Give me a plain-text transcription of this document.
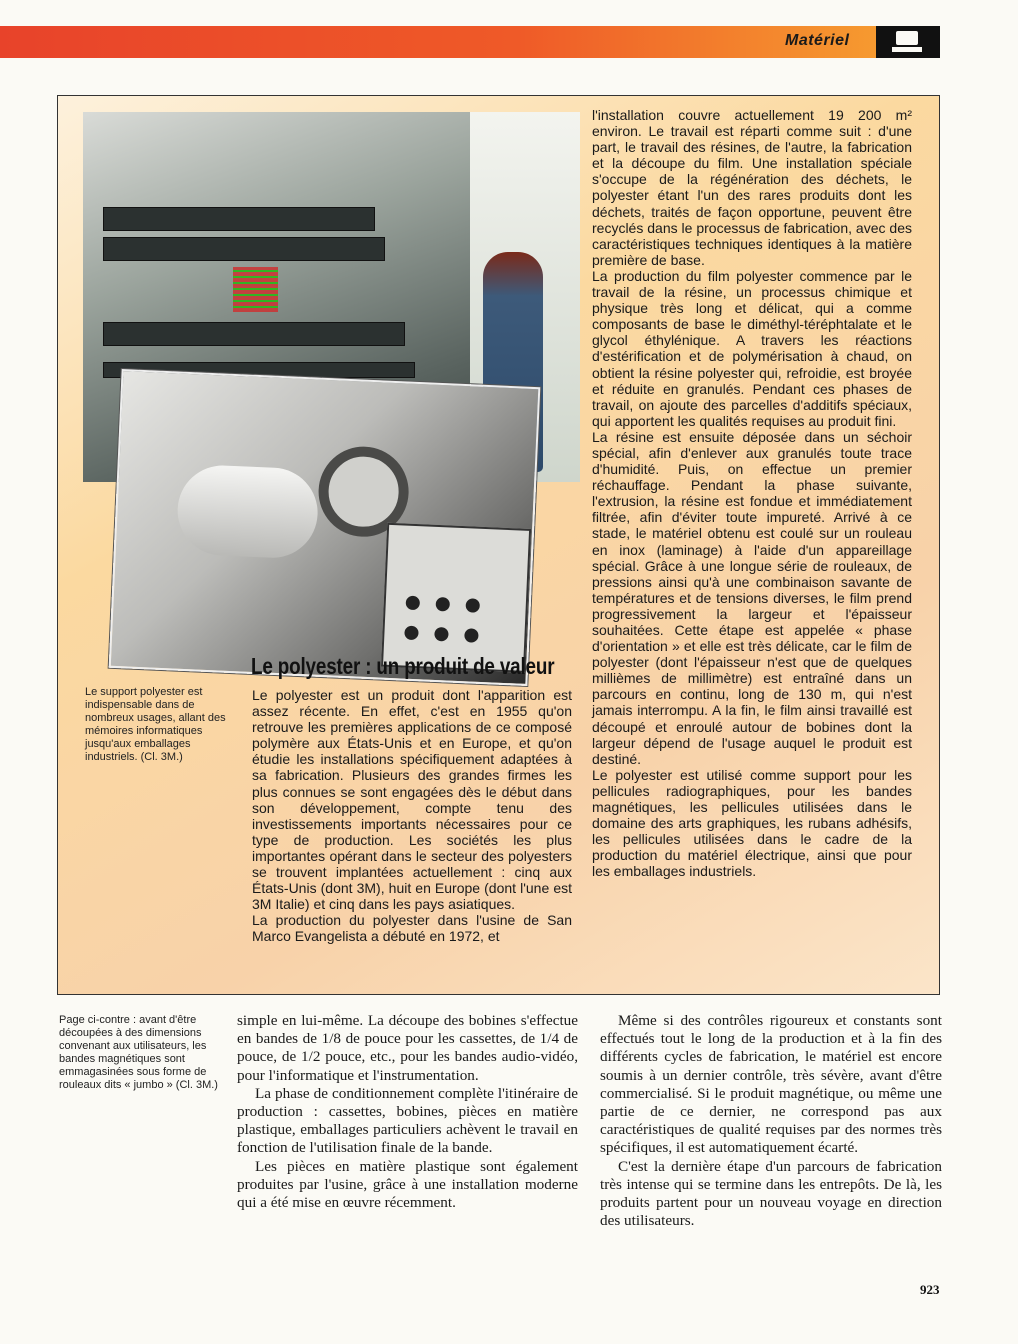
Matériel
Le polyester : un produit de valeur
Le support polyester est indispensable dans de nombreux usages, allant des mémoires informatiques jusqu'aux emballages industriels. (Cl. 3M.)
Page ci-contre : avant d'être découpées à des dimensions convenant aux utilisateurs, les bandes magnétiques sont emmagasinées sous forme de rouleaux dits « jumbo » (Cl. 3M.)

Le polyester est un produit dont l'apparition est assez récente. En effet, c'est en 1955 qu'on retrouve les premières applications de ce composé polymère aux États-Unis et en Europe, et qu'on étudie les installations spécifiquement adaptées à sa fabrication. Plusieurs des grandes firmes les plus connues se sont engagées dès le début dans son développement, compte tenu des investissements importants nécessaires pour ce type de production. Les sociétés les plus importantes opérant dans le secteur des polyesters se trouvent implantées actuellement : cinq aux États-Unis (dont 3M), huit en Europe (dont l'une est 3M Italie) et cinq dans les pays asiatiques.

La production du polyester dans l'usine de San Marco Evangelista a débuté en 1972, et

l'installation couvre actuellement 19 200 m² environ. Le travail est réparti comme suit : d'une part, le travail des résines, de l'autre, la fabrication et la découpe du film. Une installation spéciale s'occupe de la régénération des déchets, le polyester étant l'un des rares produits dont les déchets, traités de façon opportune, peuvent être recyclés dans le processus de fabrication, avec des caractéristiques techniques identiques à la matière première de base.

La production du film polyester commence par le travail de la résine, un processus chimique et physique très long et délicat, qui a comme composants de base le diméthyl-téréphtalate et le glycol éthylénique. A travers les réactions d'estérification et de polymérisation à chaud, on obtient la résine polyester qui, refroidie, est broyée et réduite en granulés. Pendant ces phases de travail, on ajoute des parcelles d'additifs spéciaux, qui apportent les qualités requises au produit fini.

La résine est ensuite déposée dans un séchoir spécial, afin d'enlever aux granulés toute trace d'humidité. Puis, on effectue un premier réchauffage. Pendant la phase suivante, l'extrusion, la résine est fondue et immédiatement filtrée, afin d'éviter toute impureté. Arrivé à ce stade, le matériel obtenu est coulé sur un rouleau en inox (laminage) à l'aide d'un appareillage spécial. Grâce à une longue série de rouleaux, de pressions ainsi qu'à une combinaison savante de températures et de tensions diverses, le film prend progressivement la largeur et l'épaisseur souhaitées. Cette étape est appelée « phase d'orientation » et elle est très délicate, car le film de polyester (dont l'épaisseur n'est que de quelques millièmes de millimètre) est entraîné dans un parcours en continu, long de 130 m, qui n'est jamais interrompu. A la fin, le film ainsi travaillé est découpé et enroulé autour de bobines dont la largeur dépend de l'usage auquel le produit est destiné.

Le polyester est utilisé comme support pour les pellicules radiographiques, pour les bandes magnétiques, les pellicules utilisées dans le domaine des arts graphiques, les rubans adhésifs, les pellicules utilisées dans le cadre de la production du matériel électrique, ainsi que pour les emballages industriels.

simple en lui-même. La découpe des bobines s'effectue en bandes de 1/8 de pouce pour les cassettes, de 1/4 de pouce, de 1/2 pouce, etc., pour les bandes audio-vidéo, pour l'informatique et l'instrumentation.

La phase de conditionnement complète l'itinéraire de production : cassettes, bobines, pièces en matière plastique, emballages particuliers achèvent le travail en fonction de l'utilisation finale de la bande.

Les pièces en matière plastique sont également produites par l'usine, grâce à une installation moderne qui a été mise en œuvre récemment.

Même si des contrôles rigoureux et constants sont effectués tout le long de la production et à la fin des différents cycles de fabrication, le matériel est encore soumis à un dernier contrôle, très sévère, avant d'être commercialisé. Si le produit magnétique, ou même une partie de ce dernier, ne correspond pas aux caractéristiques de qualité requises par des normes très spécifiques, il est automatiquement écarté.

C'est la dernière étape d'un parcours de fabrication très intense qui se termine dans les entrepôts. De là, les produits partent pour un nouveau voyage en direction des utilisateurs.

923
